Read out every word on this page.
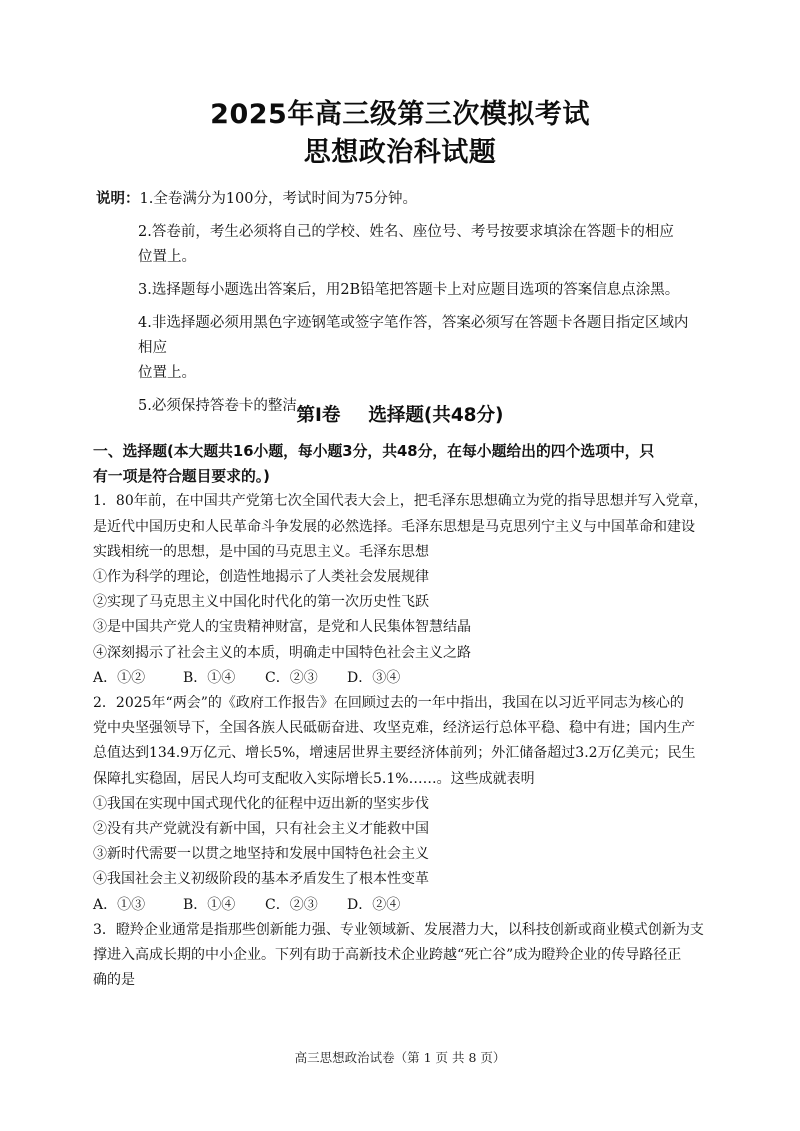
2025年高三级第三次模拟考试
思想政治科试题
说明：1.全卷满分为100分，考试时间为75分钟。
2.答卷前，考生必须将自己的学校、姓名、座位号、考号按要求填涂在答题卡的相应
位置上。
3.选择题每小题选出答案后，用2B铅笔把答题卡上对应题目选项的答案信息点涂黑。
4.非选择题必须用黑色字迹钢笔或签字笔作答，答案必须写在答题卡各题目指定区域内相应
位置上。
5.必须保持答卷卡的整洁。
第Ⅰ卷 选择题(共48分)
一、选择题(本大题共16小题，每小题3分，共48分，在每小题给出的四个选项中，只
有一项是符合题目要求的。)
1．80年前，在中国共产党第七次全国代表大会上，把毛泽东思想确立为党的指导思想并写入党章，
是近代中国历史和人民革命斗争发展的必然选择。毛泽东思想是马克思列宁主义与中国革命和建设
实践相统一的思想，是中国的马克思主义。毛泽东思想
①作为科学的理论，创造性地揭示了人类社会发展规律
②实现了马克思主义中国化时代化的第一次历史性飞跃
③是中国共产党人的宝贵精神财富，是党和人民集体智慧结晶
④深刻揭示了社会主义的本质，明确走中国特色社会主义之路
A．①②	B．①④	C．②③	D．③④
2．2025年“两会”的《政府工作报告》在回顾过去的一年中指出，我国在以习近平同志为核心的
党中央坚强领导下，全国各族人民砥砺奋进、攻坚克难，经济运行总体平稳、稳中有进；国内生产
总值达到134.9万亿元、增长5%，增速居世界主要经济体前列；外汇储备超过3.2万亿美元；民生
保障扎实稳固，居民人均可支配收入实际增长5.1%……。这些成就表明
①我国在实现中国式现代化的征程中迈出新的坚实步伐
②没有共产党就没有新中国，只有社会主义才能救中国
③新时代需要一以贯之地坚持和发展中国特色社会主义
④我国社会主义初级阶段的基本矛盾发生了根本性变革
A．①③	B．①④	C．②③	D．②④
3．瞪羚企业通常是指那些创新能力强、专业领域新、发展潜力大，以科技创新或商业模式创新为支
撑进入高成长期的中小企业。下列有助于高新技术企业跨越“死亡谷”成为瞪羚企业的传导路径正
确的是
高三思想政治试卷（第 1 页 共 8 页）
